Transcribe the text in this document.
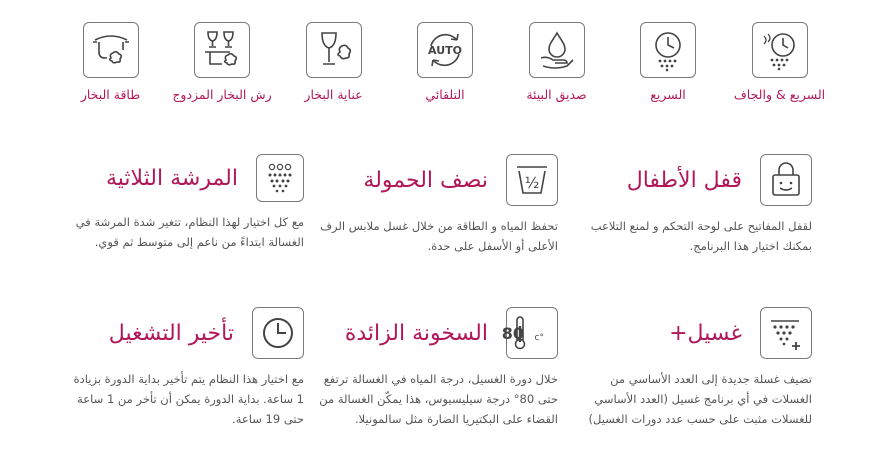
السريع & والجاف
السريع
صديق البيئة
AUTO
التلقائي
عناية البخار
رش البخار المزدوج
طاقة البخار
قفل الأطفال
لقفل المفاتيح على لوحة التحكم و لمنع التلاعب بمكنك اختيار هذا البرنامج.
½
نصف الحمولة
تحفظ المياه و الطاقة من خلال غسل ملابس الرف الأعلى أو الأسفل على حدة.
المرشة الثلاثية
مع كل اختيار لهذا النظام، تتغير شدة المرشة في الغسالة ابتداءً من ناعم إلى متوسط ثم قوي.
غسيل+
تضيف غسلة جديدة إلى العدد الأساسي من الغسلات في أي برنامج غسيل (العدد الأساسي للغسلات مثبت على حسب عدد دورات الغسيل)
80 °c
السخونة الزائدة
خلال دورة الغسيل، درجة المياه في الغسالة ترتفع حتى 80° درجة سيليسيوس، هذا يمكّن الغسالة من القضاء على البكتيريا الضارة مثل سالمونيلا.
تأخير التشغيل
مع اختيار هذا النظام يتم تأخير بداية الدورة بزيادة 1 ساعة. بداية الدورة يمكن أن تأخر من 1 ساعة حتى 19 ساعة.
